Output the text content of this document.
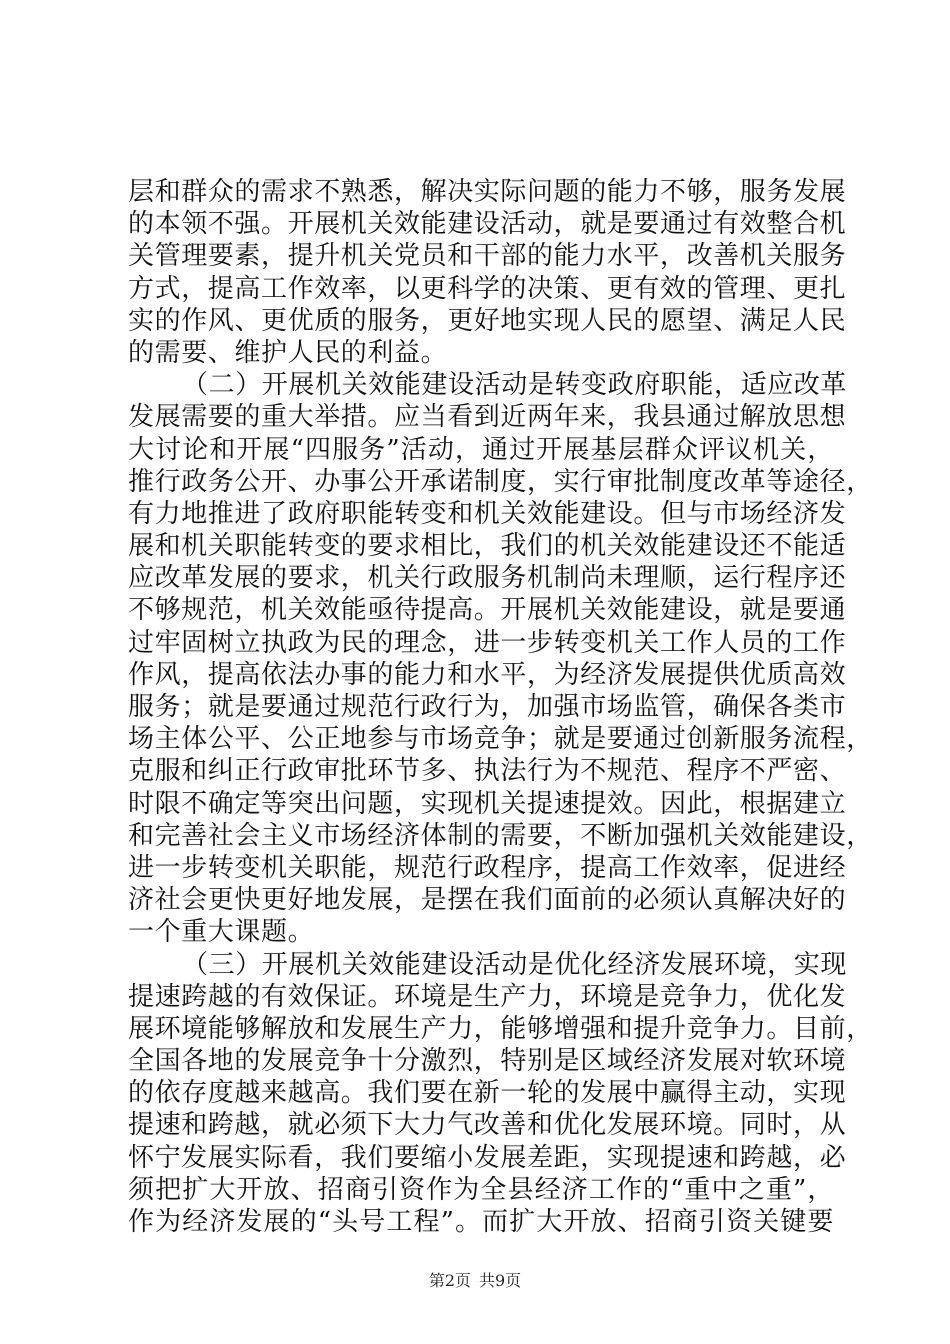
层和群众的需求不熟悉，解决实际问题的能力不够，服务发展
的本领不强。开展机关效能建设活动，就是要通过有效整合机
关管理要素，提升机关党员和干部的能力水平，改善机关服务
方式，提高工作效率，以更科学的决策、更有效的管理、更扎
实的作风、更优质的服务，更好地实现人民的愿望、满足人民
的需要、维护人民的利益。
（二）开展机关效能建设活动是转变政府职能，适应改革
发展需要的重大举措。应当看到近两年来，我县通过解放思想
大讨论和开展“四服务”活动，通过开展基层群众评议机关，
推行政务公开、办事公开承诺制度，实行审批制度改革等途径，
有力地推进了政府职能转变和机关效能建设。但与市场经济发
展和机关职能转变的要求相比，我们的机关效能建设还不能适
应改革发展的要求，机关行政服务机制尚未理顺，运行程序还
不够规范，机关效能亟待提高。开展机关效能建设，就是要通
过牢固树立执政为民的理念，进一步转变机关工作人员的工作
作风，提高依法办事的能力和水平，为经济发展提供优质高效
服务；就是要通过规范行政行为，加强市场监管，确保各类市
场主体公平、公正地参与市场竞争；就是要通过创新服务流程，
克服和纠正行政审批环节多、执法行为不规范、程序不严密、
时限不确定等突出问题，实现机关提速提效。因此，根据建立
和完善社会主义市场经济体制的需要，不断加强机关效能建设，
进一步转变机关职能，规范行政程序，提高工作效率，促进经
济社会更快更好地发展，是摆在我们面前的必须认真解决好的
一个重大课题。
（三）开展机关效能建设活动是优化经济发展环境，实现
提速跨越的有效保证。环境是生产力，环境是竞争力，优化发
展环境能够解放和发展生产力，能够增强和提升竞争力。目前，
全国各地的发展竞争十分激烈，特别是区域经济发展对软环境
的依存度越来越高。我们要在新一轮的发展中赢得主动，实现
提速和跨越，就必须下大力气改善和优化发展环境。同时，从
怀宁发展实际看，我们要缩小发展差距，实现提速和跨越，必
须把扩大开放、招商引资作为全县经济工作的“重中之重”，
作为经济发展的“头号工程”。而扩大开放、招商引资关键要
第2页 共9页
